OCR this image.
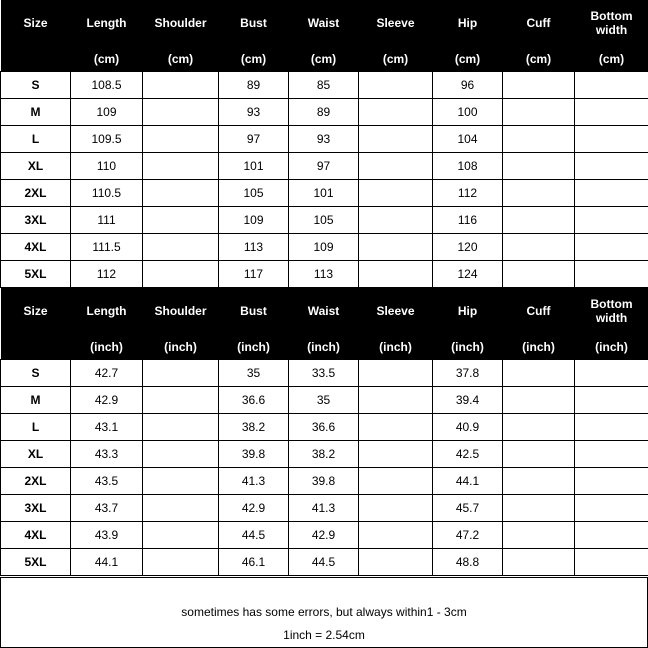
Size	Length	Shoulder	Bust	Waist	Sleeve	Hip	Cuff	Bottom width
	(cm)	(cm)	(cm)	(cm)	(cm)	(cm)	(cm)	(cm)
S	108.5		89	85		96		
M	109		93	89		100		
L	109.5		97	93		104		
XL	110		101	97		108		
2XL	110.5		105	101		112		
3XL	111		109	105		116		
4XL	111.5		113	109		120		
5XL	112		117	113		124		
Size	Length	Shoulder	Bust	Waist	Sleeve	Hip	Cuff	Bottom width
	(inch)	(inch)	(inch)	(inch)	(inch)	(inch)	(inch)	(inch)
S	42.7		35	33.5		37.8		
M	42.9		36.6	35		39.4		
L	43.1		38.2	36.6		40.9		
XL	43.3		39.8	38.2		42.5		
2XL	43.5		41.3	39.8		44.1		
3XL	43.7		42.9	41.3		45.7		
4XL	43.9		44.5	42.9		47.2		
5XL	44.1		46.1	44.5		48.8		
sometimes has some errors, but always within1 - 3cm
1inch = 2.54cm
